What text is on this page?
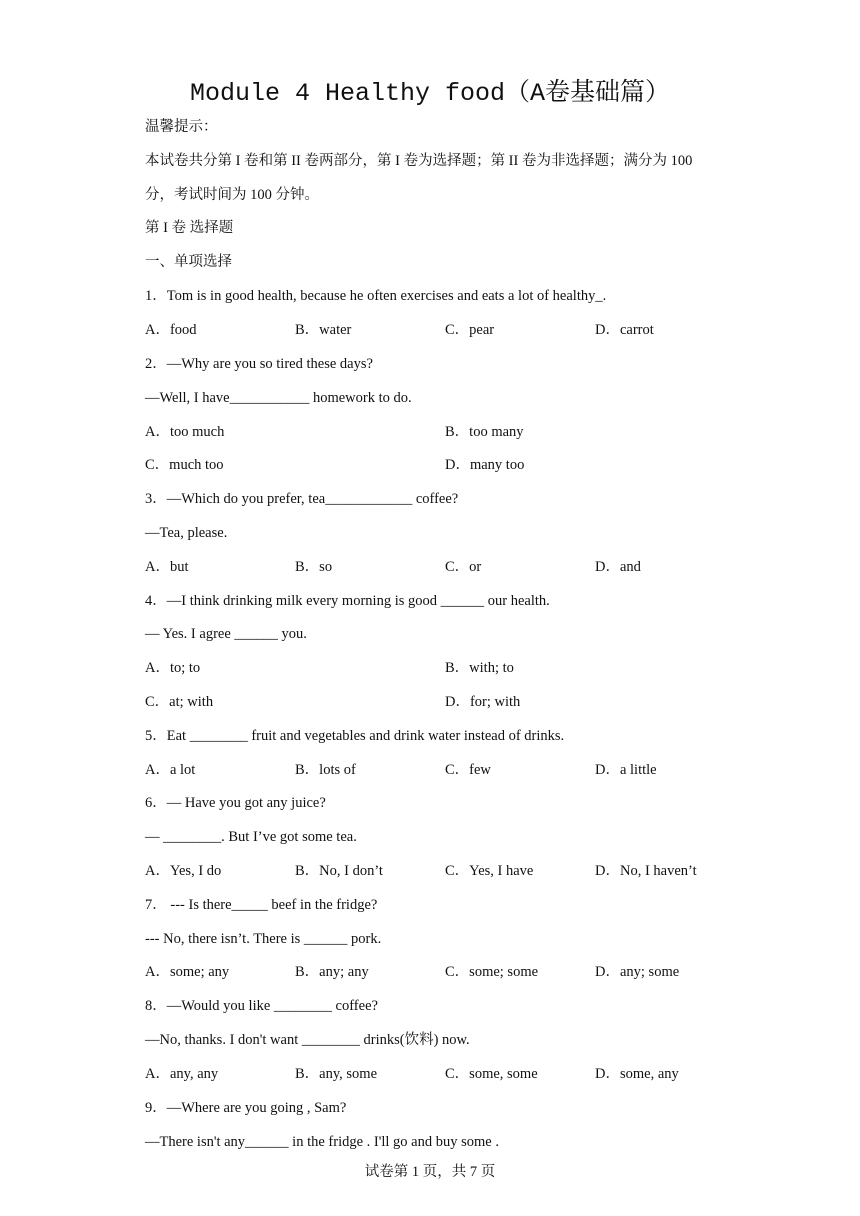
Module 4 Healthy food（A卷基础篇）
温馨提示：
本试卷共分第 I 卷和第 II 卷两部分，第 I 卷为选择题；第 II 卷为非选择题；满分为 100
分，考试时间为 100 分钟。
第 I 卷 选择题
一、单项选择
1．Tom is in good health, because he often exercises and eats a lot of healthy_.
A．food	B．water	C．pear	D．carrot
2．—Why are you so tired these days?
—Well, I have___________ homework to do.
A．too much	B．too many
C．much too	D．many too
3．—Which do you prefer, tea____________ coffee?
—Tea, please.
A．but	B．so	C．or	D．and
4．—I think drinking milk every morning is good ______ our health.
— Yes. I agree ______ you.
A．to; to	B．with; to
C．at; with	D．for; with
5．Eat ________ fruit and vegetables and drink water instead of drinks.
A．a lot	B．lots of	C．few	D．a little
6．— Have you got any juice?
— ________. But I’ve got some tea.
A．Yes, I do	B．No, I don’t	C．Yes, I have	D．No, I haven’t
7． --- Is there_____ beef in the fridge?
--- No, there isn’t. There is ______ pork.
A．some; any	B．any; any	C．some; some	D．any; some
8．—Would you like ________ coffee?
—No, thanks. I don't want ________ drinks(饮料) now.
A．any, any	B．any, some	C．some, some	D．some, any
9．—Where are you going , Sam?
—There isn't any______ in the fridge . I'll go and buy some .
试卷第 1 页，共 7 页
